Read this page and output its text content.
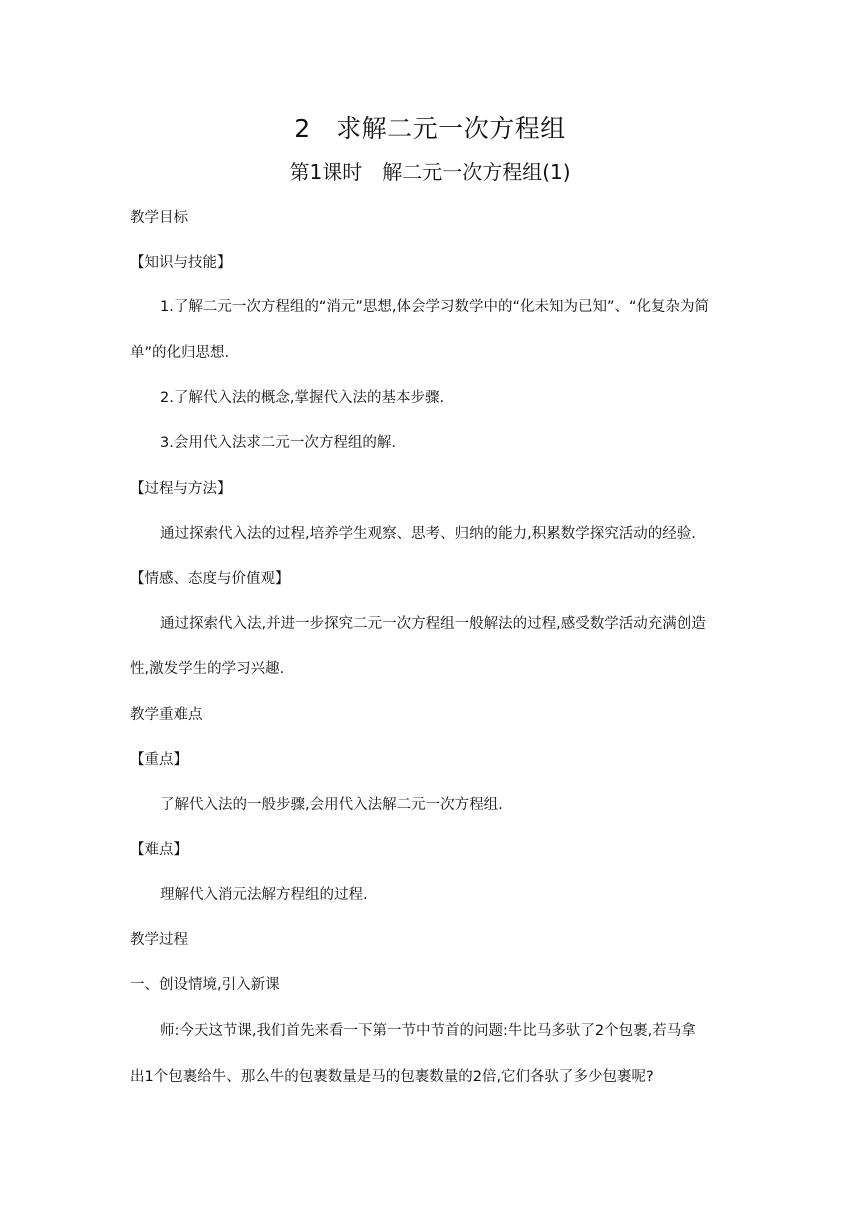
2　求解二元一次方程组
第1课时　解二元一次方程组(1)
教学目标
【知识与技能】
1.了解二元一次方程组的“消元”思想,体会学习数学中的“化未知为已知”、“化复杂为简
单”的化归思想.
2.了解代入法的概念,掌握代入法的基本步骤.
3.会用代入法求二元一次方程组的解.
【过程与方法】
通过探索代入法的过程,培养学生观察、思考、归纳的能力,积累数学探究活动的经验.
【情感、态度与价值观】
通过探索代入法,并进一步探究二元一次方程组一般解法的过程,感受数学活动充满创造
性,激发学生的学习兴趣.
教学重难点
【重点】
了解代入法的一般步骤,会用代入法解二元一次方程组.
【难点】
理解代入消元法解方程组的过程.
教学过程
一、创设情境,引入新课
师:今天这节课,我们首先来看一下第一节中节首的问题:牛比马多驮了2个包裹,若马拿
出1个包裹给牛、那么牛的包裹数量是马的包裹数量的2倍,它们各驮了多少包裹呢?
